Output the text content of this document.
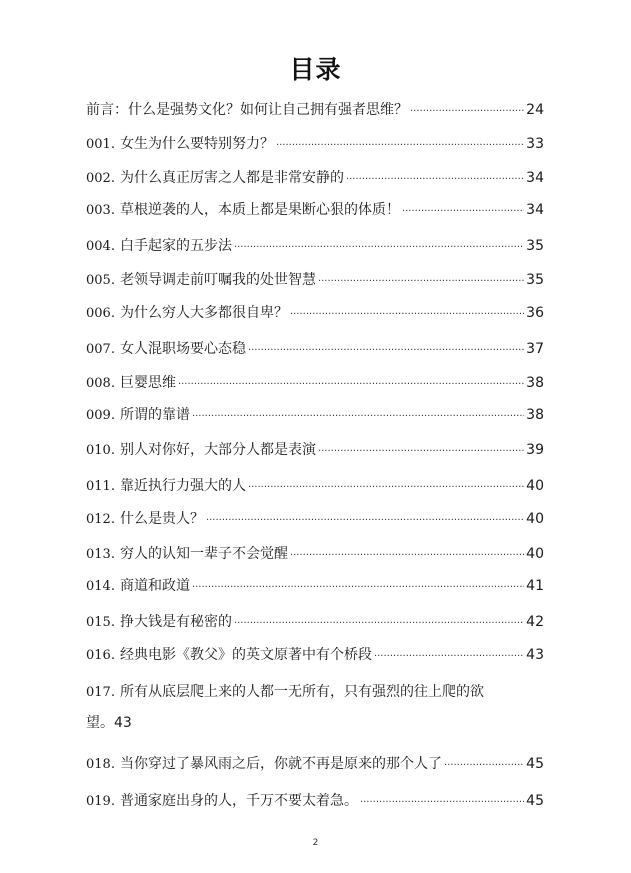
目录
前言：什么是强势文化？如何让自己拥有强者思维？ ·····	24
001. 女生为什么要特别努力？ ·····	33
002. 为什么真正厉害之人都是非常安静的 ·····	34
003. 草根逆袭的人，本质上都是果断心狠的体质！ ·····	34
004. 白手起家的五步法 ·····	35
005. 老领导调走前叮嘱我的处世智慧 ·····	35
006. 为什么穷人大多都很自卑？ ·····	36
007. 女人混职场要心态稳 ·····	37
008. 巨婴思维 ·····	38
009. 所谓的靠谱 ·····	38
010. 别人对你好，大部分人都是表演 ·····	39
011. 靠近执行力强大的人 ·····	40
012. 什么是贵人？ ·····	40
013. 穷人的认知一辈子不会觉醒 ·····	40
014. 商道和政道 ·····	41
015. 挣大钱是有秘密的 ·····	42
016. 经典电影《教父》的英文原著中有个桥段 ·····	43
017. 所有从底层爬上来的人都一无所有，只有强烈的往上爬的欲
望。43
018. 当你穿过了暴风雨之后，你就不再是原来的那个人了 ·····	45
019. 普通家庭出身的人，千万不要太着急。 ·····	45
2
